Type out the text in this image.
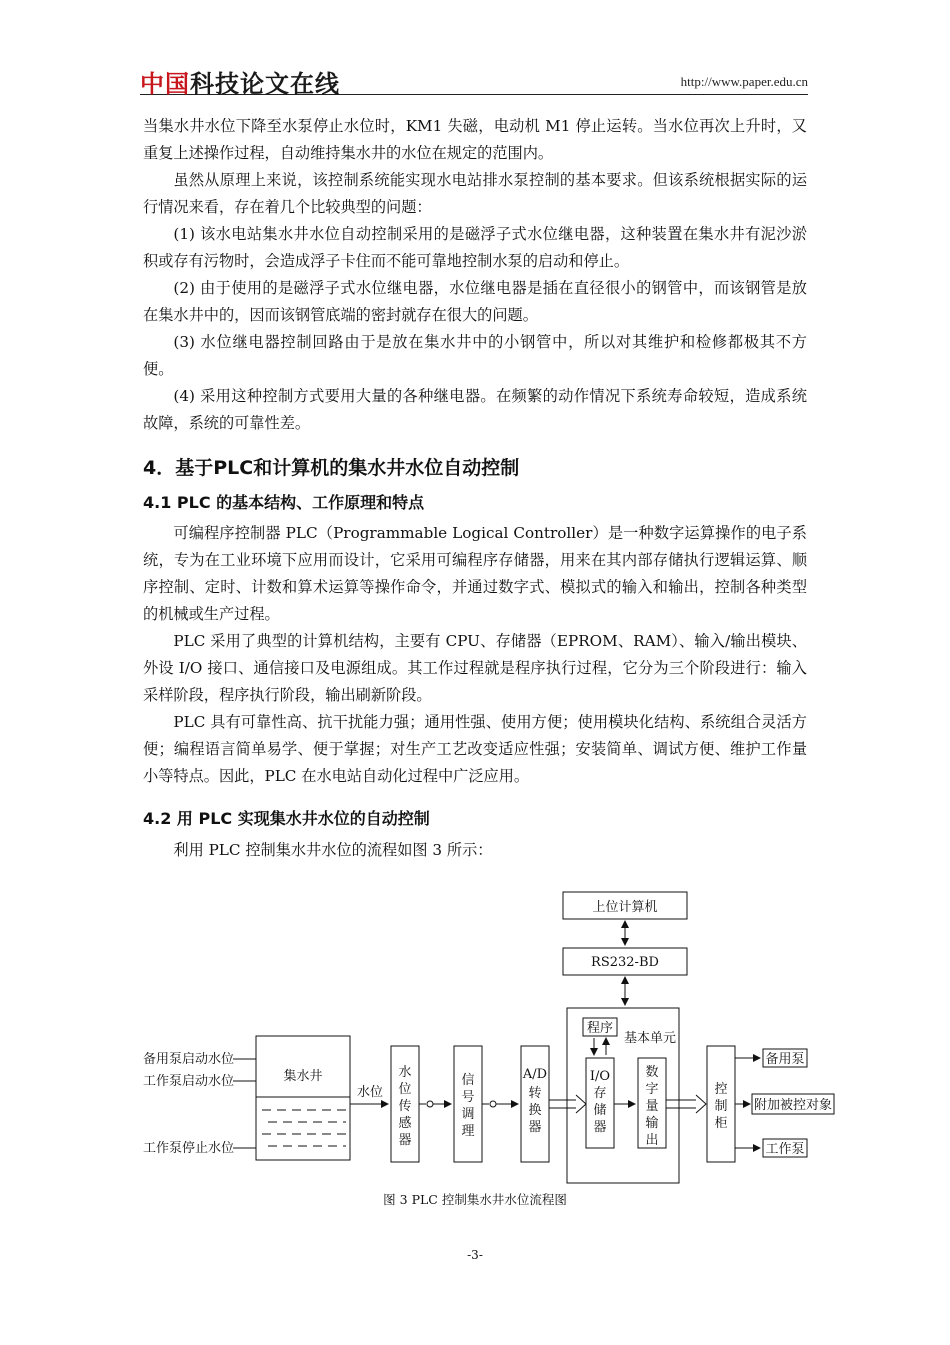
中国科技论文在线	http://www.paper.edu.cn

当集水井水位下降至水泵停止水位时，KM1 失磁，电动机 M1 停止运转。当水位再次上升时，又重复上述操作过程，自动维持集水井的水位在规定的范围内。

虽然从原理上来说，该控制系统能实现水电站排水泵控制的基本要求。但该系统根据实际的运行情况来看，存在着几个比较典型的问题：

(1) 该水电站集水井水位自动控制采用的是磁浮子式水位继电器，这种装置在集水井有泥沙淤积或存有污物时，会造成浮子卡住而不能可靠地控制水泵的启动和停止。

(2) 由于使用的是磁浮子式水位继电器，水位继电器是插在直径很小的钢管中，而该钢管是放在集水井中的，因而该钢管底端的密封就存在很大的问题。

(3) 水位继电器控制回路由于是放在集水井中的小钢管中，所以对其维护和检修都极其不方便。

(4) 采用这种控制方式要用大量的各种继电器。在频繁的动作情况下系统寿命较短，造成系统故障，系统的可靠性差。

4．基于PLC和计算机的集水井水位自动控制
4.1 PLC 的基本结构、工作原理和特点

可编程序控制器 PLC（Programmable Logical Controller）是一种数字运算操作的电子系统，专为在工业环境下应用而设计，它采用可编程序存储器，用来在其内部存储执行逻辑运算、顺序控制、定时、计数和算术运算等操作命令，并通过数字式、模拟式的输入和输出，控制各种类型的机械或生产过程。

PLC 采用了典型的计算机结构，主要有 CPU、存储器（EPROM、RAM）、输入/输出模块、外设 I/O 接口、通信接口及电源组成。其工作过程就是程序执行过程，它分为三个阶段进行：输入采样阶段，程序执行阶段，输出刷新阶段。

PLC 具有可靠性高、抗干扰能力强；通用性强、使用方便；使用模块化结构、系统组合灵活方便；编程语言简单易学、便于掌握；对生产工艺改变适应性强；安装简单、调试方便、维护工作量小等特点。因此，PLC 在水电站自动化过程中广泛应用。

4.2 用 PLC 实现集水井水位的自动控制

利用 PLC 控制集水井水位的流程如图 3 所示：

上位计算机
RS232-BD
基本单元
程序
I/O
存
储
器
数
字
量
输
出
集水井
备用泵启动水位
工作泵启动水位
工作泵停止水位
水位
水
位
传
感
器
信
号
调
理
A/D
转
换
器
控
制
柜
备用泵
附加被控对象
工作泵
图 3 PLC 控制集水井水位流程图
-3-
